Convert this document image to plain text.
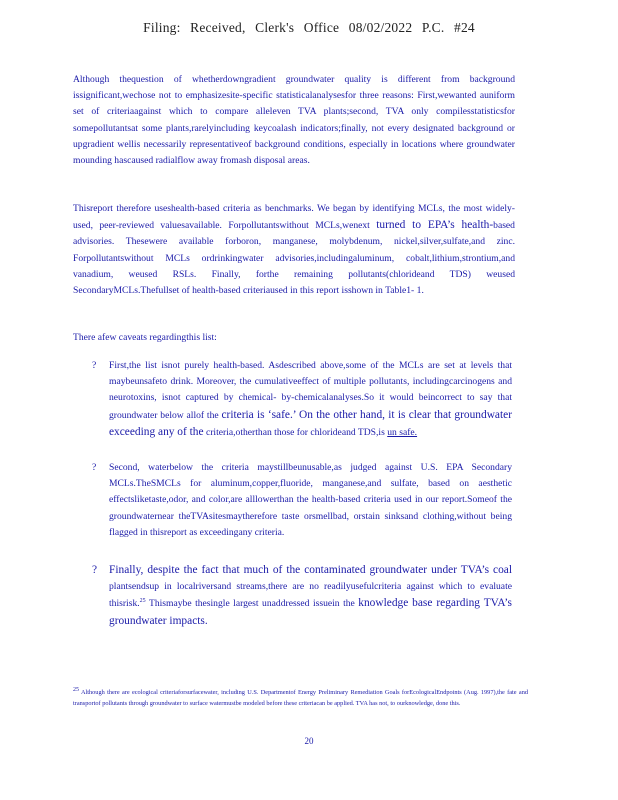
Filing: Received, Clerk's Office 08/02/2022 P.C. #24

Although thequestion of whetherdowngradient groundwater quality is different from background issignificant,wechose not to emphasizesite-specific statisticalanalysesfor three reasons: First,wewanted auniform set of criteriaagainst which to compare alleleven TVA plants;second, TVA only compilesstatisticsfor somepollutantsat some plants,rarelyincluding keycoalash indicators;finally, not every designated background or upgradient wellis necessarily representativeof background conditions, especially in locations where groundwater mounding hascaused radialflow away fromash disposal areas.

Thisreport therefore useshealth-based criteria as benchmarks. We began by identifying MCLs, the most widely-used, peer-reviewed valuesavailable. Forpollutantswithout MCLs,wenext turned to EPA’s health-based advisories. Thesewere available forboron, manganese, molybdenum, nickel,silver,sulfate,and zinc. Forpollutantswithout MCLs ordrinkingwater advisories,includingaluminum, cobalt,lithium,strontium,and vanadium, weused RSLs. Finally, forthe remaining pollutants(chlorideand TDS) weused SecondaryMCLs.Thefullset of health-based criteriaused in this report isshown in Table1- 1.

There afew caveats regardingthis list:

?	First,the list isnot purely health-based. Asdescribed above,some of the MCLs are set at levels that maybeunsafeto drink. Moreover, the cumulativeeffect of multiple pollutants, includingcarcinogens and neurotoxins, isnot captured by chemical- by-chemicalanalyses.So it would beincorrect to say that groundwater below allof the criteria is ‘safe.’ On the other hand, it is clear that groundwater exceeding any of the criteria,otherthan those for chlorideand TDS,is un safe.
?	Second, waterbelow the criteria maystillbeunusable,as judged against U.S. EPA Secondary MCLs.TheSMCLs for aluminum,copper,fluoride, manganese,and sulfate, based on aesthetic effectsliketaste,odor, and color,are alllowerthan the health-based criteria used in our report.Someof the groundwaternear theTVAsitesmaytherefore taste orsmellbad, orstain sinksand clothing,without being flagged in thisreport as exceedingany criteria.
?	Finally, despite the fact that much of the contaminated groundwater under TVA’s coal plantsendsup in localriversand streams,there are no readilyusefulcriteria against which to evaluate thisrisk.$^{25}$ Thismaybe thesingle largest unaddressed issuein the knowledge base regarding TVA’s groundwater impacts.
$^{25}$ Although there are ecological criteriaforsurfacewater, including U.S. Departmentof Energy Preliminary Remediation Goals forEcologicalEndpoints (Aug. 1997),the fate and transportof pollutants through groundwater to surface watermustbe modeled before these criteriacan be applied. TVA has not, to ourknowledge, done this.
20
